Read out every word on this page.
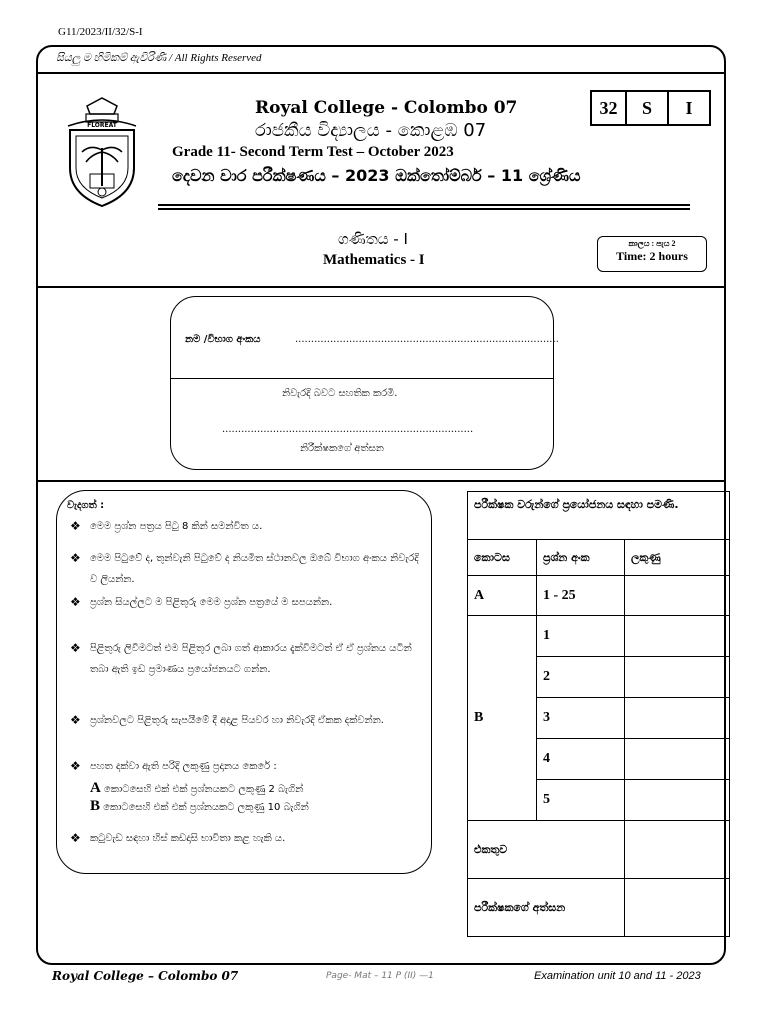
G11/2023/II/32/S-I
සියලු ම හිමිකම් ඇවිරිණි / All Rights Reserved
FLOREAT
Royal College - Colombo 07
රාජකීය විද්‍යාලය - කොළඹ 07
Grade 11- Second Term Test – October 2023
දෙවන වාර පරීක්ෂණය – 2023 ඔක්තෝම්බර් – 11 ශ්‍රේණිය
32	S	I
ගණිතය - I
Mathematics - I
කාලය : පැය 2
Time: 2 hours
නම /විභාග අංකය	...................................................................................
නිවැරදි බවට සහතික කරමි.
...............................................................................
නිරීක්ෂකගේ අත්සන
වැදගත් :
❖ මෙම ප්‍රශ්න පත්‍රය පිටු 8 කින් සමන්විත ය.
❖ මෙම පිටුවේ ද, තුන්වැනි පිටුවේ ද නියමිත ස්ථානවල ඔබේ විභාග අංකය නිවැරදි ව ලියන්න.
❖ ප්‍රශ්න සියල්ලට ම පිළිතුරු මෙම ප්‍රශ්න පත්‍රයේ ම සපයන්න.
❖ පිළිතුරු ලිවීමටත් එම පිළිතුර ලබා ගත් ආකාරය දැක්වීමටත් ඒ ඒ ප්‍රශ්නය යටින් තබා ඇති ඉඩ ප්‍රමාණය ප්‍රයෝජනයට ගන්න.
❖ ප්‍රශ්නවලට පිළිතුරු සැපයීමේ දී අදාළ පියවර හා නිවැරදි ඒකක දක්වන්න.
❖ පහත දක්වා ඇති පරිදි ලකුණු ප්‍රදානය කෙරේ :
A කොටසෙහි එක් එක් ප්‍රශ්නයකට ලකුණු 2 බැගින්
B කොටසෙහි එක් එක් ප්‍රශ්නයකට ලකුණු 10 බැගින්
❖ කටුවැඩ සඳහා හිස් කඩදාසි භාවිතා කළ හැකි ය.
පරීක්ෂක වරුන්ගේ ප්‍රයෝජනය සඳහා පමණි.		
කොටස	ප්‍රශ්න අංක	ලකුණු
A	1 - 25	
B	1	
	2	
	3	
	4	
	5	
එකතුව		
පරීක්ෂකගේ අත්සන		
Royal College – Colombo 07	Page- Mat – 11 P (II) —1	Examination unit 10 and 11 - 2023
